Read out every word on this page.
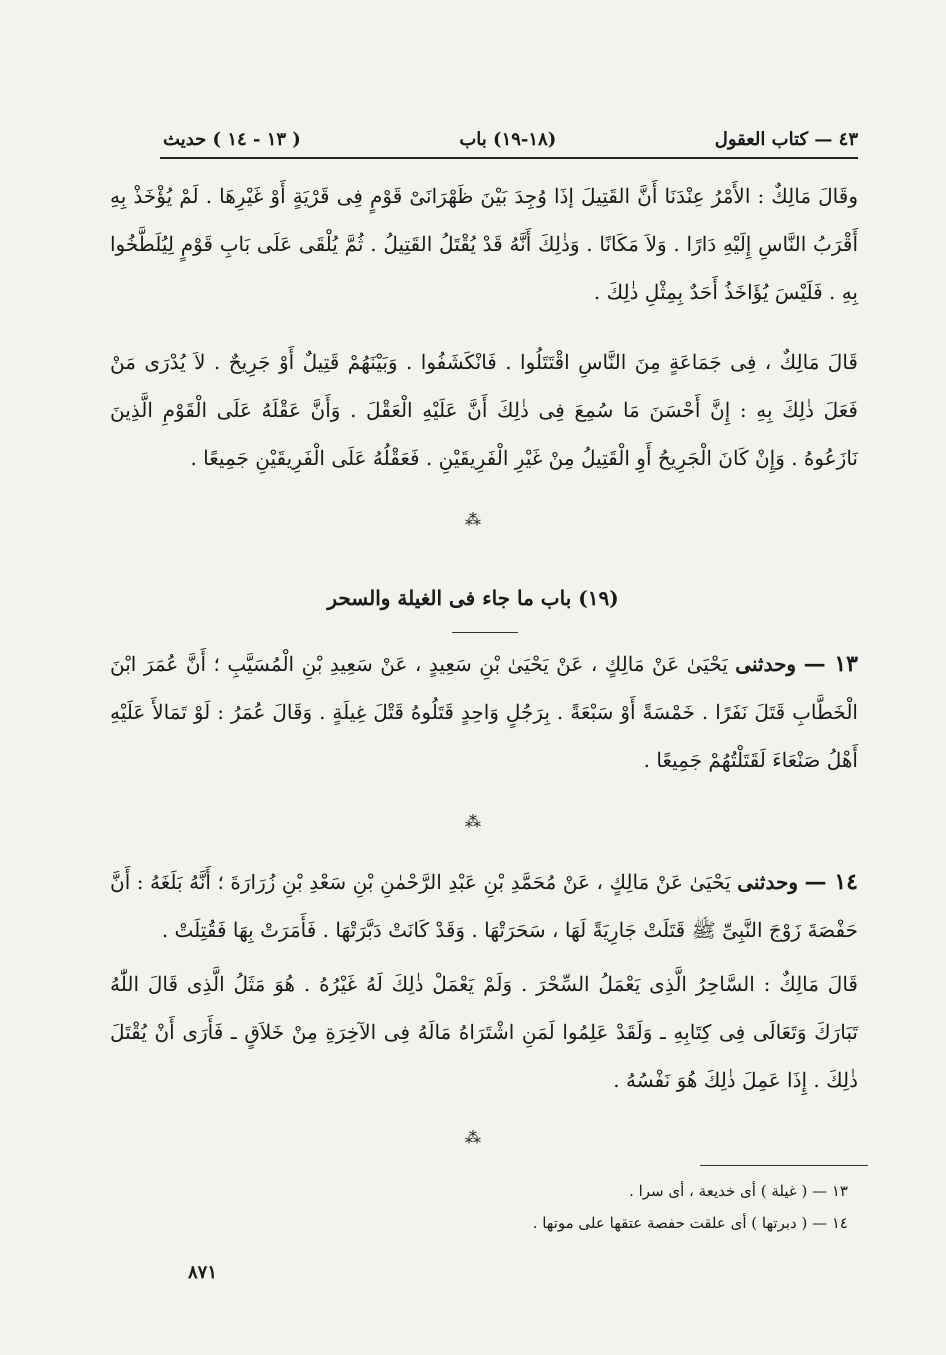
٤٣ — كتاب العقول
(١٨-١٩) باب
( ١٣ - ١٤ ) حديث

وقَالَ مَالِكٌ : الأَمْرُ عِنْدَنَا أَنَّ القَتِيلَ إذَا وُجِدَ بَيْنَ ظَهْرَانَىْ قَوْمٍ فِى قَرْيَةٍ أَوْ غَيْرِهَا . لَمْ يُؤْخَذْ بِهِ أَقْرَبُ النَّاسِ إِلَيْهِ دَارًا . وَلاَ مَكَانًا . وَذٰلِكَ أَنَّهُ قَدْ يُقْتَلُ القَتِيلُ . ثُمَّ يُلْقَى عَلَى بَابِ قَوْمٍ لِيُلَطَّخُوا بِهِ . فَلَيْسَ يُؤَاخَذُ أَحَدٌ بِمِثْلِ ذٰلِكَ .

قَالَ مَالِكٌ ، فِى جَمَاعَةٍ مِنَ النَّاسِ اقْتَتَلُوا . فَانْكَشَفُوا . وَبَيْنَهُمْ قَتِيلٌ أَوْ جَرِيحٌ . لاَ يُدْرَى مَنْ فَعَلَ ذٰلِكَ بِهِ : إِنَّ أَحْسَنَ مَا سُمِعَ فِى ذٰلِكَ أَنَّ عَلَيْهِ الْعَقْلَ . وَأَنَّ عَقْلَهُ عَلَى الْقَوْمِ الَّذِينَ نَازَعُوهُ . وَإِنْ كَانَ الْجَرِيحُ أَوِ الْقَتِيلُ مِنْ غَيْرِ الْفَرِيقَيْنِ . فَعَقْلُهُ عَلَى الْفَرِيقَيْنِ جَمِيعًا .

⁂
(١٩) باب ما جاء فى الغيلة والسحر

١٣ — وحدثنى يَحْيَىٰ عَنْ مَالِكٍ ، عَنْ يَحْيَىٰ بْنِ سَعِيدٍ ، عَنْ سَعِيدِ بْنِ الْمُسَيَّبِ ؛ أَنَّ عُمَرَ ابْنَ الْخَطَّابِ قَتَلَ نَفَرًا . خَمْسَةً أَوْ سَبْعَةً . بِرَجُلٍ وَاحِدٍ قَتَلُوهُ قَتْلَ غِيلَةٍ . وَقَالَ عُمَرُ : لَوْ تَمَالأَ عَلَيْهِ أَهْلُ صَنْعَاءَ لَقَتَلْتُهُمْ جَمِيعًا .

⁂

١٤ — وحدثنى يَحْيَىٰ عَنْ مَالِكٍ ، عَنْ مُحَمَّدِ بْنِ عَبْدِ الرَّحْمٰنِ بْنِ سَعْدِ بْنِ زُرَارَةَ ؛ أَنَّهُ بَلَغَهُ : أَنَّ حَفْصَةَ زَوْجَ النَّبِىِّ ﷺ قَتَلَتْ جَارِيَةً لَهَا ، سَحَرَتْهَا . وَقَدْ كَانَتْ دَبَّرَتْهَا . فَأَمَرَتْ بِهَا فَقُتِلَتْ .

قَالَ مَالِكٌ : السَّاحِرُ الَّذِى يَعْمَلُ السِّحْرَ . وَلَمْ يَعْمَلْ ذٰلِكَ لَهُ غَيْرُهُ . هُوَ مَثَلُ الَّذِى قَالَ اللّٰهُ تَبَارَكَ وَتَعَالَى فِى كِتَابِهِ ـ وَلَقَدْ عَلِمُوا لَمَنِ اشْتَرَاهُ مَالَهُ فِى الآخِرَةِ مِنْ خَلاَقٍ ـ فَأَرَى أَنْ يُقْتَلَ ذٰلِكَ . إِذَا عَمِلَ ذٰلِكَ هُوَ نَفْسُهُ .

⁂

١٣ — ( غيلة ) أى خديعة ، أى سرا .

١٤ — ( دبرتها ) أى علقت حفصة عتقها على موتها .

٨٧١
